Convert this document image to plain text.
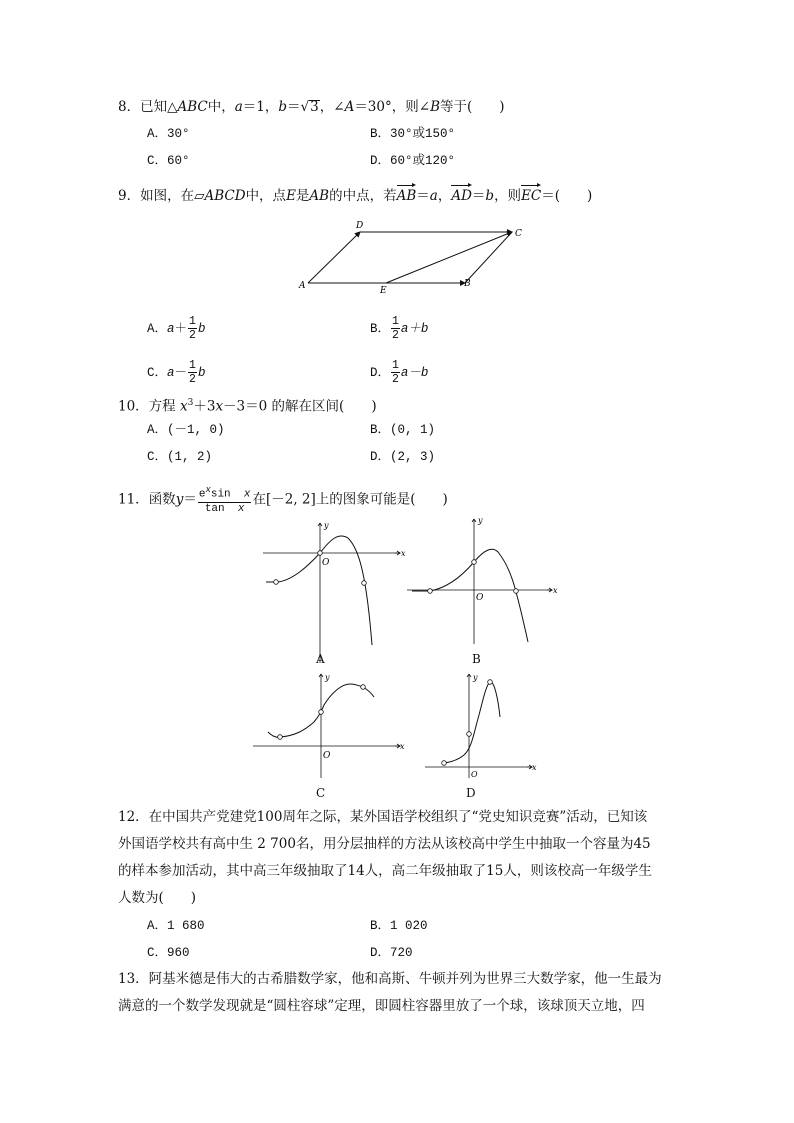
8．已知△ABC中，a＝1，b＝√3，∠A＝30°，则∠B等于(　　)
A．30°	B．30°或150°
C．60°	D．60°或120°
9．如图，在▱ABCD中，点E是AB的中点，若AB＝a，AD＝b，则EC＝(　　)
A	B
C
D
E
A．$a+ \frac{1}{2}$ b	B． $\frac{1}{2} a+b$
C．$a- \frac{1}{2}$ b	D． $\frac{1}{2} a-b$
10．方程 $x^3+3x-3=0$ 的解在区间(　　)
A．(－1, 0)	B．(0, 1)
C．(1, 2)	D．(2, 3)
11．函数$y= \frac{e^x\sin x}{\text{tan x}}$ 在[－2, 2]上的图象可能是(　　)
x
y
O
A
x
y
O
B
x
y
O
C
x
y
O
D
12．在中国共产党建党100周年之际，某外国语学校组织了“党史知识竞赛”活动，已知该
外国语学校共有高中生 2 700名，用分层抽样的方法从该校高中学生中抽取一个容量为45
的样本参加活动，其中高三年级抽取了14人，高二年级抽取了15人，则该校高一年级学生
人数为(　　)
A．1 680	B．1 020
C．960	D．720
13．阿基米德是伟大的古希腊数学家，他和高斯、牛顿并列为世界三大数学家，他一生最为
满意的一个数学发现就是“圆柱容球”定理，即圆柱容器里放了一个球，该球顶天立地，四
